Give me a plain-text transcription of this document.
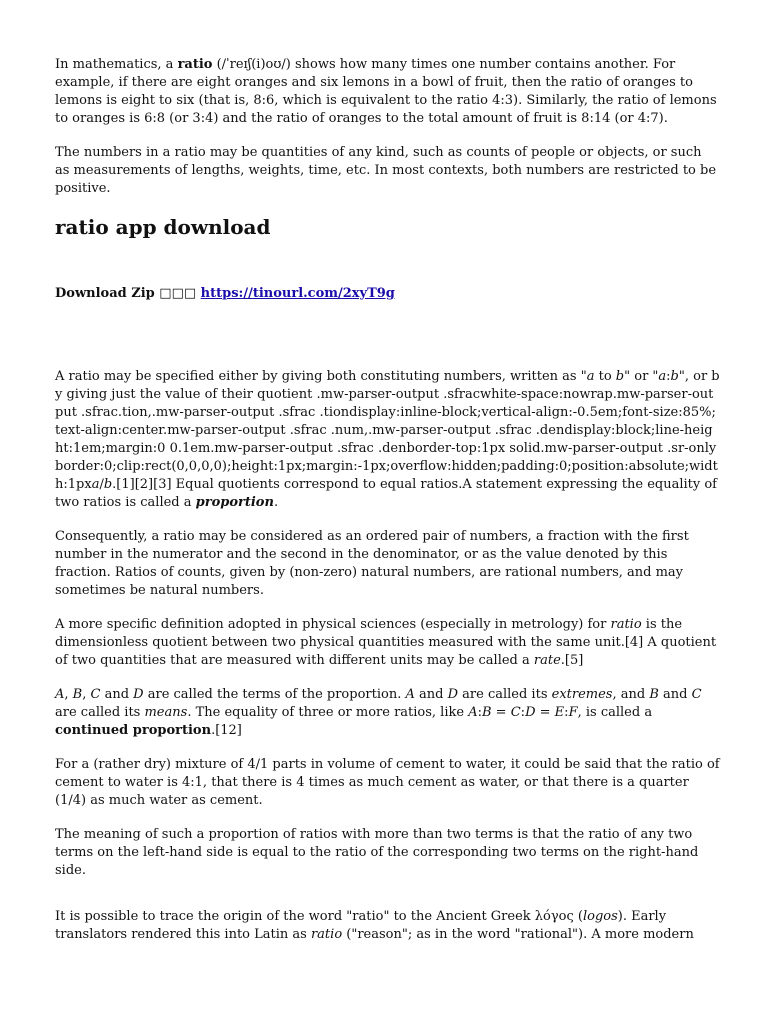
In mathematics, a ratio (/ˈreɪʃ(i)oʊ/) shows how many times one number contains another. For example, if there are eight oranges and six lemons in a bowl of fruit, then the ratio of oranges to lemons is eight to six (that is, 8:6, which is equivalent to the ratio 4:3). Similarly, the ratio of lemons to oranges is 6:8 (or 3:4) and the ratio of oranges to the total amount of fruit is 8:14 (or 4:7).

The numbers in a ratio may be quantities of any kind, such as counts of people or objects, or such as measurements of lengths, weights, time, etc. In most contexts, both numbers are restricted to be positive.

ratio app download
Download Zip □□□ https://tinourl.com/2xyT9g

A ratio may be specified either by giving both constituting numbers, written as "a to b" or "a:b", or by giving just the value of their quotient .mw-parser-output .sfracwhite-space:nowrap.mw-parser-output .sfrac.tion,.mw-parser-output .sfrac .tiondisplay:inline-block;vertical-align:-0.5em;font-size:85%;text-align:center.mw-parser-output .sfrac .num,.mw-parser-output .sfrac .dendisplay:block;line-height:1em;margin:0 0.1em.mw-parser-output .sfrac .denborder-top:1px solid.mw-parser-output .sr-onlyborder:0;clip:rect(0,0,0,0);height:1px;margin:-1px;overflow:hidden;padding:0;position:absolute;width:1pxa/b.[1][2][3] Equal quotients correspond to equal ratios.A statement expressing the equality of two ratios is called a proportion.

Consequently, a ratio may be considered as an ordered pair of numbers, a fraction with the first number in the numerator and the second in the denominator, or as the value denoted by this fraction. Ratios of counts, given by (non-zero) natural numbers, are rational numbers, and may sometimes be natural numbers.

A more specific definition adopted in physical sciences (especially in metrology) for ratio is the dimensionless quotient between two physical quantities measured with the same unit.[4] A quotient of two quantities that are measured with different units may be called a rate.[5]

A, B, C and D are called the terms of the proportion. A and D are called its extremes, and B and C are called its means. The equality of three or more ratios, like A:B = C:D = E:F, is called a continued proportion.[12]

For a (rather dry) mixture of 4/1 parts in volume of cement to water, it could be said that the ratio of cement to water is 4:1, that there is 4 times as much cement as water, or that there is a quarter (1/4) as much water as cement.

The meaning of such a proportion of ratios with more than two terms is that the ratio of any two terms on the left-hand side is equal to the ratio of the corresponding two terms on the right-hand side.

It is possible to trace the origin of the word "ratio" to the Ancient Greek λόγος (logos). Early translators rendered this into Latin as ratio ("reason"; as in the word "rational"). A more modern
